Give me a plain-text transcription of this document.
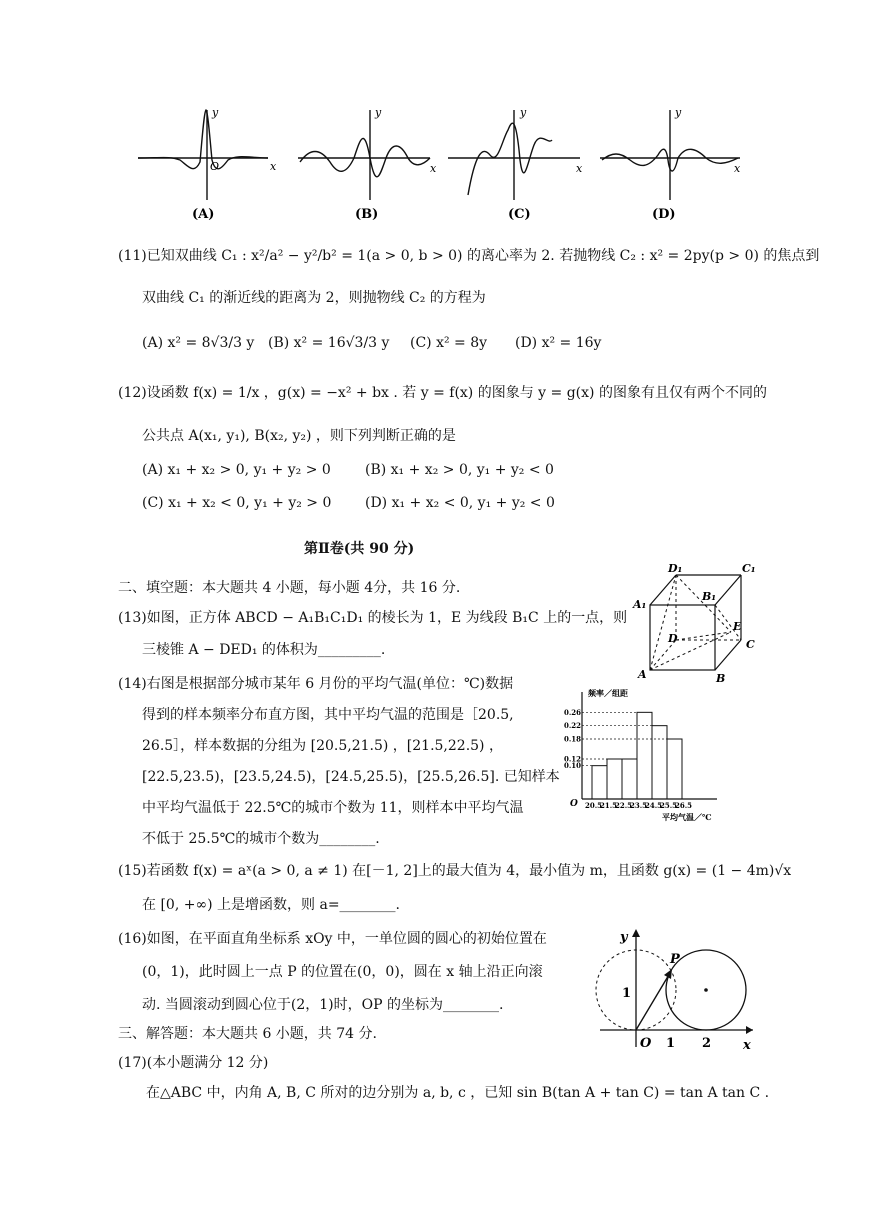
y
x
O
y
x
y
x
y
x
(A)	(B)	(C)	(D)
(11)已知双曲线 C₁ : x²/a² − y²/b² = 1(a > 0, b > 0) 的离心率为 2. 若抛物线 C₂ : x² = 2py(p > 0) 的焦点到
双曲线 C₁ 的渐近线的距离为 2，则抛物线 C₂ 的方程为
(A) x² = 8√3/3 y (B) x² = 16√3/3 y (C) x² = 8y (D) x² = 16y
(12)设函数 f(x) = 1/x ，g(x) = −x² + bx . 若 y = f(x) 的图象与 y = g(x) 的图象有且仅有两个不同的
公共点 A(x₁, y₁), B(x₂, y₂) ，则下列判断正确的是
(A) x₁ + x₂ > 0, y₁ + y₂ > 0 (B) x₁ + x₂ > 0, y₁ + y₂ < 0
(C) x₁ + x₂ < 0, y₁ + y₂ > 0 (D) x₁ + x₂ < 0, y₁ + y₂ < 0
第Ⅱ卷(共 90 分)
二、填空题：本大题共 4 小题，每小题 4分，共 16 分.
(13)如图，正方体 ABCD − A₁B₁C₁D₁ 的棱长为 1，E 为线段 B₁C 上的一点，则
三棱锥 A − DED₁ 的体积为_________.
D₁	C₁
A₁
B₁
D
E
C
A	B
(14)右图是根据部分城市某年 6 月份的平均气温(单位：℃)数据
得到的样本频率分布直方图，其中平均气温的范围是［20.5,
26.5］，样本数据的分组为 [20.5,21.5) ，[21.5,22.5) ，
[22.5,23.5)，[23.5,24.5)，[24.5,25.5)，[25.5,26.5]. 已知样本
中平均气温低于 22.5℃的城市个数为 11，则样本中平均气温
不低于 25.5℃的城市个数为________.
0.26
0.22
0.18
0.12
0.10
20.5
21.5
22.5
23.5
24.5
25.5
26.5
频率／组距
平均气温／℃
O
(15)若函数 f(x) = aˣ(a > 0, a ≠ 1) 在[－1, 2]上的最大值为 4，最小值为 m，且函数 g(x) = (1 − 4m)√x
在 [0, +∞) 上是增函数，则 a=________.
(16)如图，在平面直角坐标系 xOy 中，一单位圆的圆心的初始位置在
(0，1)，此时圆上一点 P 的位置在(0，0)，圆在 x 轴上沿正向滚
动. 当圆滚动到圆心位于(2，1)时，OP 的坐标为________.
y
P
1
O 1 2 x
三、解答题：本大题共 6 小题，共 74 分.
(17)(本小题满分 12 分)
在△ABC 中，内角 A, B, C 所对的边分别为 a, b, c ，已知 sin B(tan A + tan C) = tan A tan C .
